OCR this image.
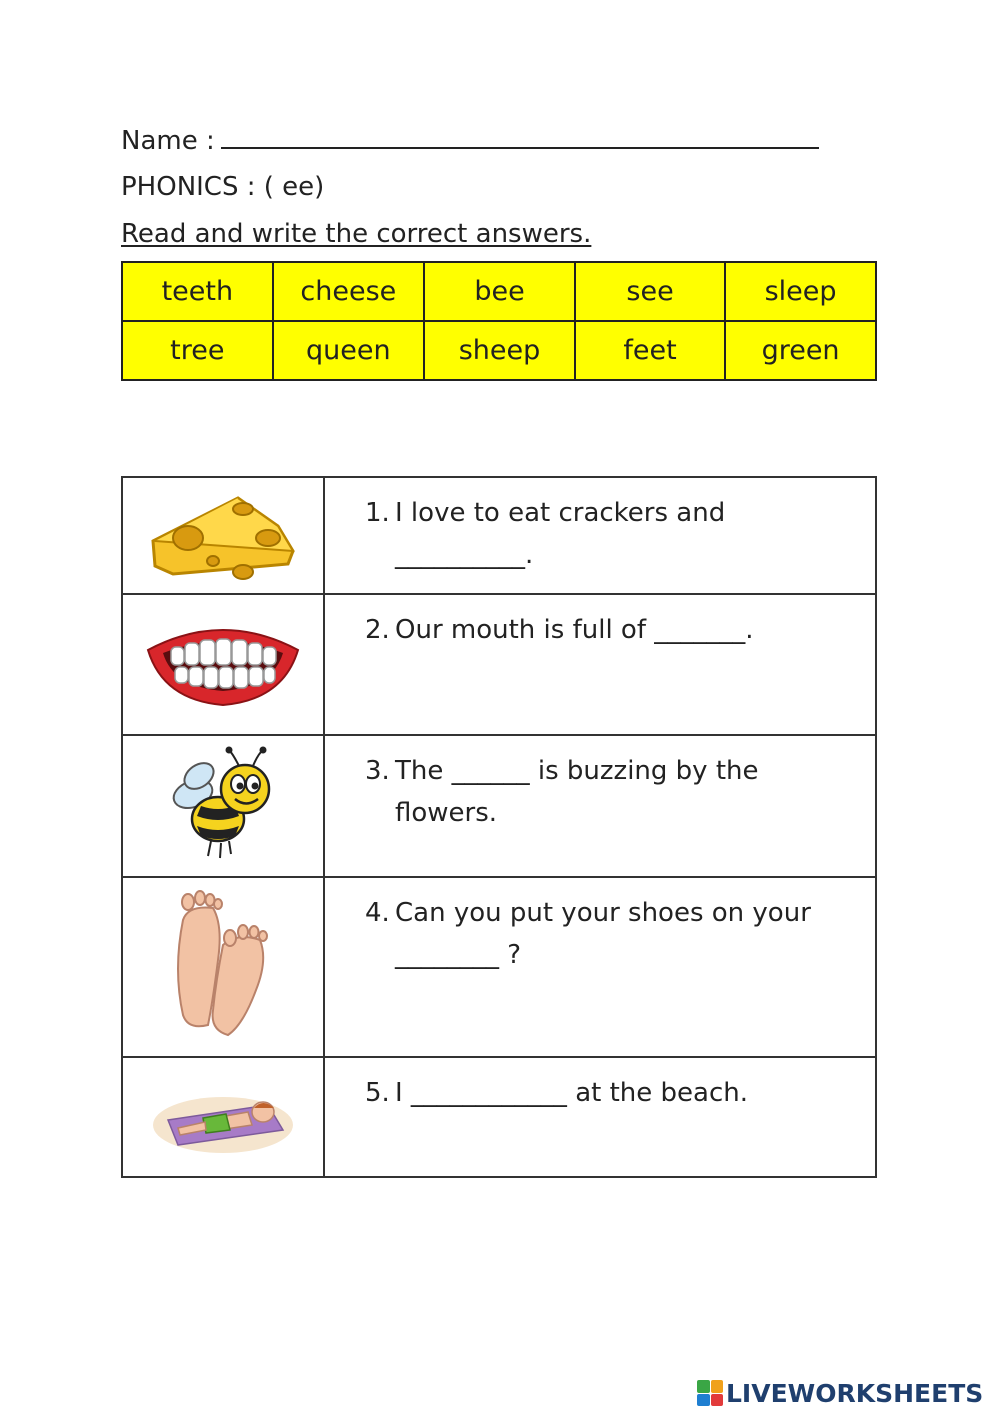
Name :
PHONICS : ( ee)
Read and write the correct answers.
teeth	cheese	bee	see	sleep
tree	queen	sheep	feet	green

1. I love to eat crackers and __________.

2. Our mouth is full of _______.

3. The ______ is buzzing by the flowers.

4. Can you put your shoes on your ________ ?

5. I ____________ at the beach.
LIVEWORKSHEETS
